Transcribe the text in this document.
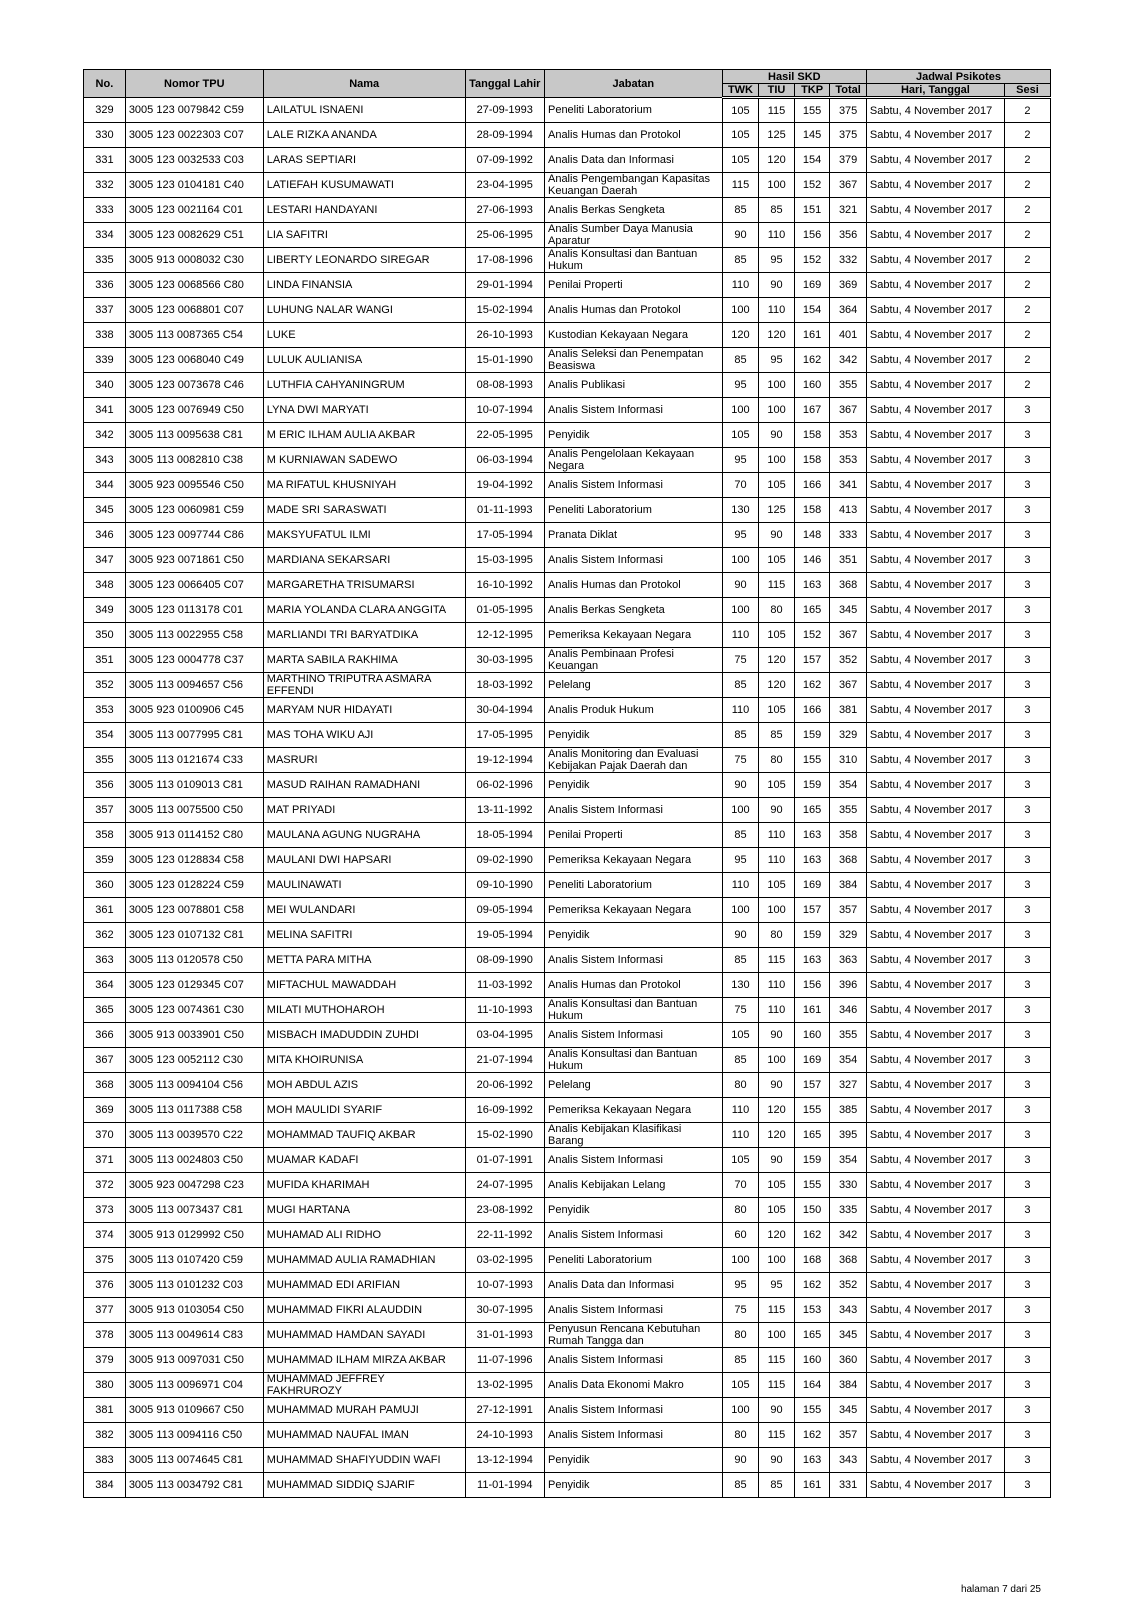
No.	Nomor TPU	Nama	Tanggal Lahir	Jabatan	Hasil SKD				Jadwal Psikotes	
					TWK	TIU	TKP	Total	Hari, Tanggal	Sesi
329	3005 123 0079842 C59	LAILATUL ISNAENI	27-09-1993	Peneliti Laboratorium	105	115	155	375	Sabtu, 4 November 2017	2
330	3005 123 0022303 C07	LALE RIZKA ANANDA	28-09-1994	Analis Humas dan Protokol	105	125	145	375	Sabtu, 4 November 2017	2
331	3005 123 0032533 C03	LARAS SEPTIARI	07-09-1992	Analis Data dan Informasi	105	120	154	379	Sabtu, 4 November 2017	2
332	3005 123 0104181 C40	LATIEFAH KUSUMAWATI	23-04-1995	Analis Pengembangan Kapasitas Keuangan Daerah	115	100	152	367	Sabtu, 4 November 2017	2
333	3005 123 0021164 C01	LESTARI HANDAYANI	27-06-1993	Analis Berkas Sengketa	85	85	151	321	Sabtu, 4 November 2017	2
334	3005 123 0082629 C51	LIA SAFITRI	25-06-1995	Analis Sumber Daya Manusia Aparatur	90	110	156	356	Sabtu, 4 November 2017	2
335	3005 913 0008032 C30	LIBERTY LEONARDO SIREGAR	17-08-1996	Analis Konsultasi dan Bantuan Hukum	85	95	152	332	Sabtu, 4 November 2017	2
336	3005 123 0068566 C80	LINDA FINANSIA	29-01-1994	Penilai Properti	110	90	169	369	Sabtu, 4 November 2017	2
337	3005 123 0068801 C07	LUHUNG NALAR WANGI	15-02-1994	Analis Humas dan Protokol	100	110	154	364	Sabtu, 4 November 2017	2
338	3005 113 0087365 C54	LUKE	26-10-1993	Kustodian Kekayaan Negara	120	120	161	401	Sabtu, 4 November 2017	2
339	3005 123 0068040 C49	LULUK AULIANISA	15-01-1990	Analis Seleksi dan Penempatan Beasiswa	85	95	162	342	Sabtu, 4 November 2017	2
340	3005 123 0073678 C46	LUTHFIA CAHYANINGRUM	08-08-1993	Analis Publikasi	95	100	160	355	Sabtu, 4 November 2017	2
341	3005 123 0076949 C50	LYNA DWI MARYATI	10-07-1994	Analis Sistem Informasi	100	100	167	367	Sabtu, 4 November 2017	3
342	3005 113 0095638 C81	M ERIC ILHAM AULIA AKBAR	22-05-1995	Penyidik	105	90	158	353	Sabtu, 4 November 2017	3
343	3005 113 0082810 C38	M KURNIAWAN SADEWO	06-03-1994	Analis Pengelolaan Kekayaan Negara	95	100	158	353	Sabtu, 4 November 2017	3
344	3005 923 0095546 C50	MA RIFATUL KHUSNIYAH	19-04-1992	Analis Sistem Informasi	70	105	166	341	Sabtu, 4 November 2017	3
345	3005 123 0060981 C59	MADE SRI SARASWATI	01-11-1993	Peneliti Laboratorium	130	125	158	413	Sabtu, 4 November 2017	3
346	3005 123 0097744 C86	MAKSYUFATUL ILMI	17-05-1994	Pranata Diklat	95	90	148	333	Sabtu, 4 November 2017	3
347	3005 923 0071861 C50	MARDIANA SEKARSARI	15-03-1995	Analis Sistem Informasi	100	105	146	351	Sabtu, 4 November 2017	3
348	3005 123 0066405 C07	MARGARETHA TRISUMARSI	16-10-1992	Analis Humas dan Protokol	90	115	163	368	Sabtu, 4 November 2017	3
349	3005 123 0113178 C01	MARIA YOLANDA CLARA ANGGITA	01-05-1995	Analis Berkas Sengketa	100	80	165	345	Sabtu, 4 November 2017	3
350	3005 113 0022955 C58	MARLIANDI TRI BARYATDIKA	12-12-1995	Pemeriksa Kekayaan Negara	110	105	152	367	Sabtu, 4 November 2017	3
351	3005 123 0004778 C37	MARTA SABILA RAKHIMA	30-03-1995	Analis Pembinaan Profesi Keuangan	75	120	157	352	Sabtu, 4 November 2017	3
352	3005 113 0094657 C56	MARTHINO TRIPUTRA ASMARA EFFENDI	18-03-1992	Pelelang	85	120	162	367	Sabtu, 4 November 2017	3
353	3005 923 0100906 C45	MARYAM NUR HIDAYATI	30-04-1994	Analis Produk Hukum	110	105	166	381	Sabtu, 4 November 2017	3
354	3005 113 0077995 C81	MAS TOHA WIKU AJI	17-05-1995	Penyidik	85	85	159	329	Sabtu, 4 November 2017	3
355	3005 113 0121674 C33	MASRURI	19-12-1994	Analis Monitoring dan Evaluasi Kebijakan Pajak Daerah dan	75	80	155	310	Sabtu, 4 November 2017	3
356	3005 113 0109013 C81	MASUD RAIHAN RAMADHANI	06-02-1996	Penyidik	90	105	159	354	Sabtu, 4 November 2017	3
357	3005 113 0075500 C50	MAT PRIYADI	13-11-1992	Analis Sistem Informasi	100	90	165	355	Sabtu, 4 November 2017	3
358	3005 913 0114152 C80	MAULANA AGUNG NUGRAHA	18-05-1994	Penilai Properti	85	110	163	358	Sabtu, 4 November 2017	3
359	3005 123 0128834 C58	MAULANI DWI HAPSARI	09-02-1990	Pemeriksa Kekayaan Negara	95	110	163	368	Sabtu, 4 November 2017	3
360	3005 123 0128224 C59	MAULINAWATI	09-10-1990	Peneliti Laboratorium	110	105	169	384	Sabtu, 4 November 2017	3
361	3005 123 0078801 C58	MEI WULANDARI	09-05-1994	Pemeriksa Kekayaan Negara	100	100	157	357	Sabtu, 4 November 2017	3
362	3005 123 0107132 C81	MELINA SAFITRI	19-05-1994	Penyidik	90	80	159	329	Sabtu, 4 November 2017	3
363	3005 113 0120578 C50	METTA PARA MITHA	08-09-1990	Analis Sistem Informasi	85	115	163	363	Sabtu, 4 November 2017	3
364	3005 123 0129345 C07	MIFTACHUL MAWADDAH	11-03-1992	Analis Humas dan Protokol	130	110	156	396	Sabtu, 4 November 2017	3
365	3005 123 0074361 C30	MILATI MUTHOHAROH	11-10-1993	Analis Konsultasi dan Bantuan Hukum	75	110	161	346	Sabtu, 4 November 2017	3
366	3005 913 0033901 C50	MISBACH IMADUDDIN ZUHDI	03-04-1995	Analis Sistem Informasi	105	90	160	355	Sabtu, 4 November 2017	3
367	3005 123 0052112 C30	MITA KHOIRUNISA	21-07-1994	Analis Konsultasi dan Bantuan Hukum	85	100	169	354	Sabtu, 4 November 2017	3
368	3005 113 0094104 C56	MOH ABDUL AZIS	20-06-1992	Pelelang	80	90	157	327	Sabtu, 4 November 2017	3
369	3005 113 0117388 C58	MOH MAULIDI SYARIF	16-09-1992	Pemeriksa Kekayaan Negara	110	120	155	385	Sabtu, 4 November 2017	3
370	3005 113 0039570 C22	MOHAMMAD TAUFIQ AKBAR	15-02-1990	Analis Kebijakan Klasifikasi Barang	110	120	165	395	Sabtu, 4 November 2017	3
371	3005 113 0024803 C50	MUAMAR KADAFI	01-07-1991	Analis Sistem Informasi	105	90	159	354	Sabtu, 4 November 2017	3
372	3005 923 0047298 C23	MUFIDA KHARIMAH	24-07-1995	Analis Kebijakan Lelang	70	105	155	330	Sabtu, 4 November 2017	3
373	3005 113 0073437 C81	MUGI HARTANA	23-08-1992	Penyidik	80	105	150	335	Sabtu, 4 November 2017	3
374	3005 913 0129992 C50	MUHAMAD ALI RIDHO	22-11-1992	Analis Sistem Informasi	60	120	162	342	Sabtu, 4 November 2017	3
375	3005 113 0107420 C59	MUHAMMAD AULIA RAMADHIAN	03-02-1995	Peneliti Laboratorium	100	100	168	368	Sabtu, 4 November 2017	3
376	3005 113 0101232 C03	MUHAMMAD EDI ARIFIAN	10-07-1993	Analis Data dan Informasi	95	95	162	352	Sabtu, 4 November 2017	3
377	3005 913 0103054 C50	MUHAMMAD FIKRI ALAUDDIN	30-07-1995	Analis Sistem Informasi	75	115	153	343	Sabtu, 4 November 2017	3
378	3005 113 0049614 C83	MUHAMMAD HAMDAN SAYADI	31-01-1993	Penyusun Rencana Kebutuhan Rumah Tangga dan	80	100	165	345	Sabtu, 4 November 2017	3
379	3005 913 0097031 C50	MUHAMMAD ILHAM MIRZA AKBAR	11-07-1996	Analis Sistem Informasi	85	115	160	360	Sabtu, 4 November 2017	3
380	3005 113 0096971 C04	MUHAMMAD JEFFREY FAKHRUROZY	13-02-1995	Analis Data Ekonomi Makro	105	115	164	384	Sabtu, 4 November 2017	3
381	3005 913 0109667 C50	MUHAMMAD MURAH PAMUJI	27-12-1991	Analis Sistem Informasi	100	90	155	345	Sabtu, 4 November 2017	3
382	3005 113 0094116 C50	MUHAMMAD NAUFAL IMAN	24-10-1993	Analis Sistem Informasi	80	115	162	357	Sabtu, 4 November 2017	3
383	3005 113 0074645 C81	MUHAMMAD SHAFIYUDDIN WAFI	13-12-1994	Penyidik	90	90	163	343	Sabtu, 4 November 2017	3
384	3005 113 0034792 C81	MUHAMMAD SIDDIQ SJARIF	11-01-1994	Penyidik	85	85	161	331	Sabtu, 4 November 2017	3
halaman 7 dari 25
